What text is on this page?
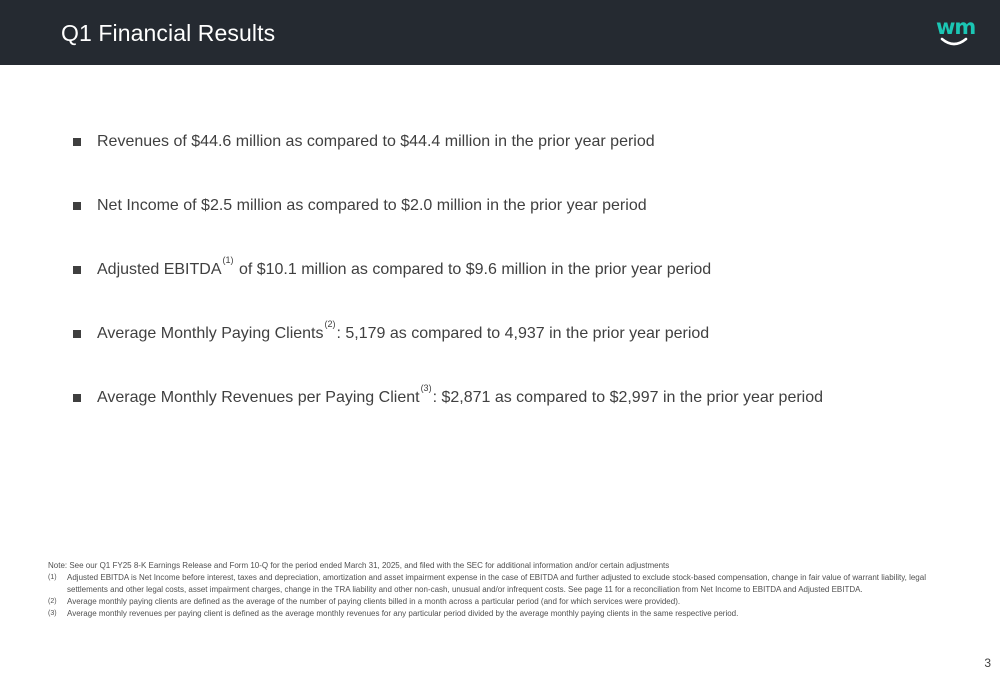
Q1 Financial Results	wm
Revenues of $44.6 million as compared to $44.4 million in the prior year period
Net Income of $2.5 million as compared to $2.0 million in the prior year period
Adjusted EBITDA$^{(1)}$ of $10.1 million as compared to $9.6 million in the prior year period
Average Monthly Paying Clients$^{(2)}$: 5,179 as compared to 4,937 in the prior year period
Average Monthly Revenues per Paying Client$^{(3)}$: $2,871 as compared to $2,997 in the prior year period
Note: See our Q1 FY25 8-K Earnings Release and Form 10-Q for the period ended March 31, 2025, and filed with the SEC for additional information and/or certain adjustments
(1) Adjusted EBITDA is Net Income before interest, taxes and depreciation, amortization and asset impairment expense in the case of EBITDA and further adjusted to exclude stock-based compensation, change in fair value of warrant liability, legal settlements and other legal costs, asset impairment charges, change in the TRA liability and other non-cash, unusual and/or infrequent costs. See page 11 for a reconciliation from Net Income to EBITDA and Adjusted EBITDA.
(2) Average monthly paying clients are defined as the average of the number of paying clients billed in a month across a particular period (and for which services were provided).
(3) Average monthly revenues per paying client is defined as the average monthly revenues for any particular period divided by the average monthly paying clients in the same respective period.
3
